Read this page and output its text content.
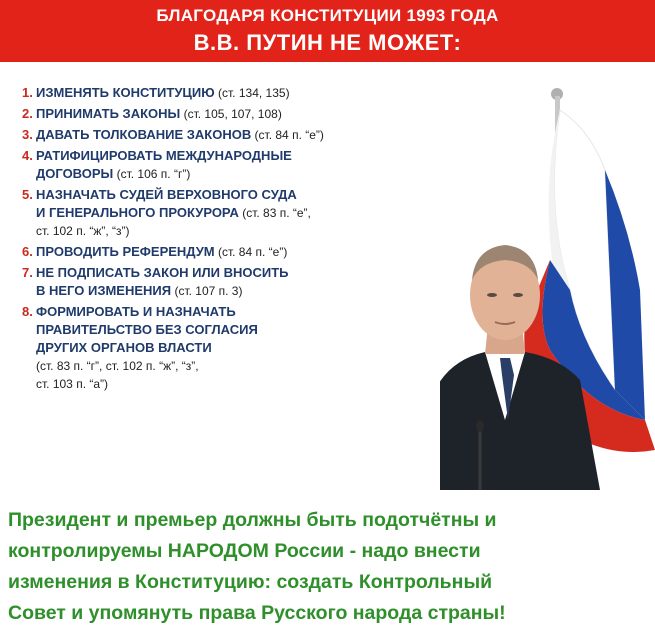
БЛАГОДАРЯ КОНСТИТУЦИИ 1993 ГОДА
В.В. ПУТИН НЕ МОЖЕТ:
1. ИЗМЕНЯТЬ КОНСТИТУЦИЮ (ст. 134, 135)
2. ПРИНИМАТЬ ЗАКОНЫ (ст. 105, 107, 108)
3. ДАВАТЬ ТОЛКОВАНИЕ ЗАКОНОВ (ст. 84 п. “е”)
4. РАТИФИЦИРОВАТЬ МЕЖДУНАРОДНЫЕ
ДОГОВОРЫ (ст. 106 п. “г”)
5. НАЗНАЧАТЬ СУДЕЙ ВЕРХОВНОГО СУДА
И ГЕНЕРАЛЬНОГО ПРОКУРОРА (ст. 83 п. “е”,
ст. 102 п. “ж”, “з”)
6. ПРОВОДИТЬ РЕФЕРЕНДУМ (ст. 84 п. “е”)
7. НЕ ПОДПИСАТЬ ЗАКОН ИЛИ ВНОСИТЬ
В НЕГО ИЗМЕНЕНИЯ (ст. 107 п. 3)
8. ФОРМИРОВАТЬ И НАЗНАЧАТЬ
ПРАВИТЕЛЬСТВО БЕЗ СОГЛАСИЯ
ДРУГИХ ОРГАНОВ ВЛАСТИ
(ст. 83 п. “г”, ст. 102 п. “ж”, “з”,
ст. 103 п. “а”)
Президент и премьер должны быть подотчётны и
контролируемы НАРОДОМ России - надо внести
изменения в Конституцию: создать Контрольный
Совет и упомянуть права Русского народа страны!
